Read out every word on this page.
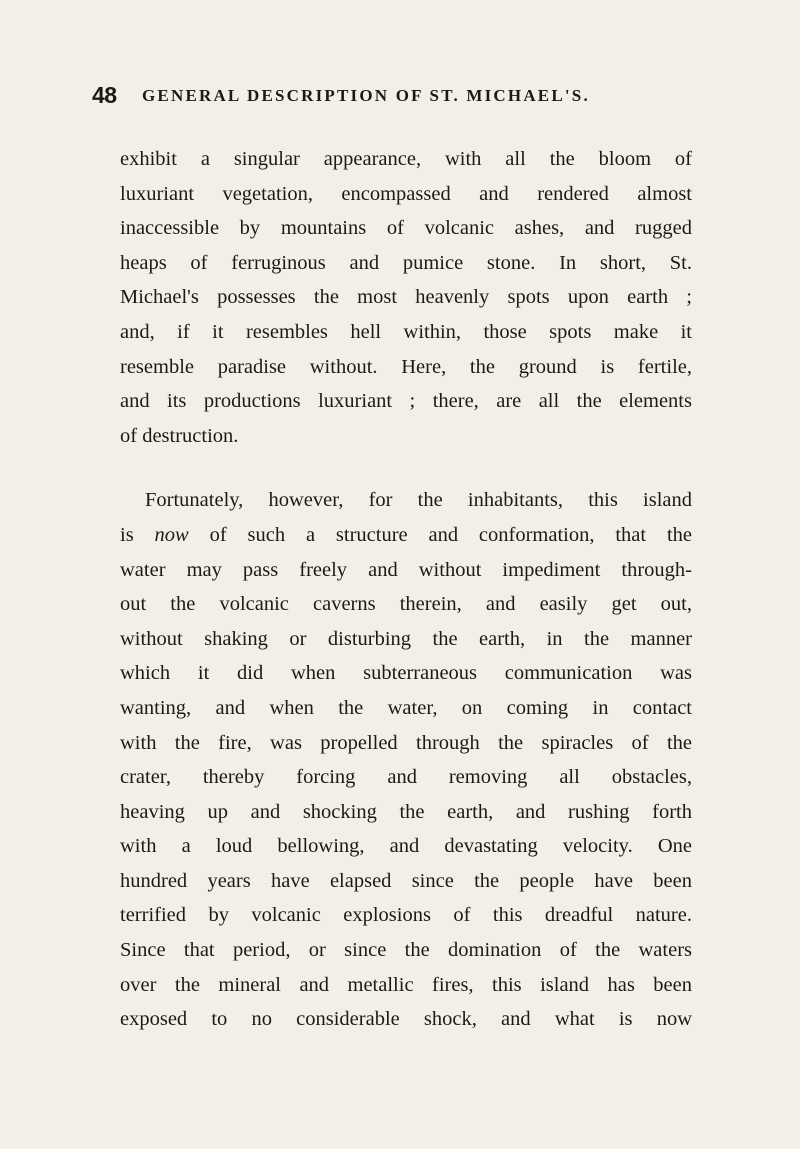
48 GENERAL DESCRIPTION OF ST. MICHAEL'S.
exhibit a singular appearance, with all the bloom of
luxuriant vegetation, encompassed and rendered almost
inaccessible by mountains of volcanic ashes, and rugged
heaps of ferruginous and pumice stone. In short, St.
Michael's possesses the most heavenly spots upon earth ;
and, if it resembles hell within, those spots make it
resemble paradise without. Here, the ground is fertile,
and its productions luxuriant ; there, are all the elements
of destruction.
Fortunately, however, for the inhabitants, this island
is now of such a structure and conformation, that the
water may pass freely and without impediment through-
out the volcanic caverns therein, and easily get out,
without shaking or disturbing the earth, in the manner
which it did when subterraneous communication was
wanting, and when the water, on coming in contact
with the fire, was propelled through the spiracles of the
crater, thereby forcing and removing all obstacles,
heaving up and shocking the earth, and rushing forth
with a loud bellowing, and devastating velocity. One
hundred years have elapsed since the people have been
terrified by volcanic explosions of this dreadful nature.
Since that period, or since the domination of the waters
over the mineral and metallic fires, this island has been
exposed to no considerable shock, and what is now
